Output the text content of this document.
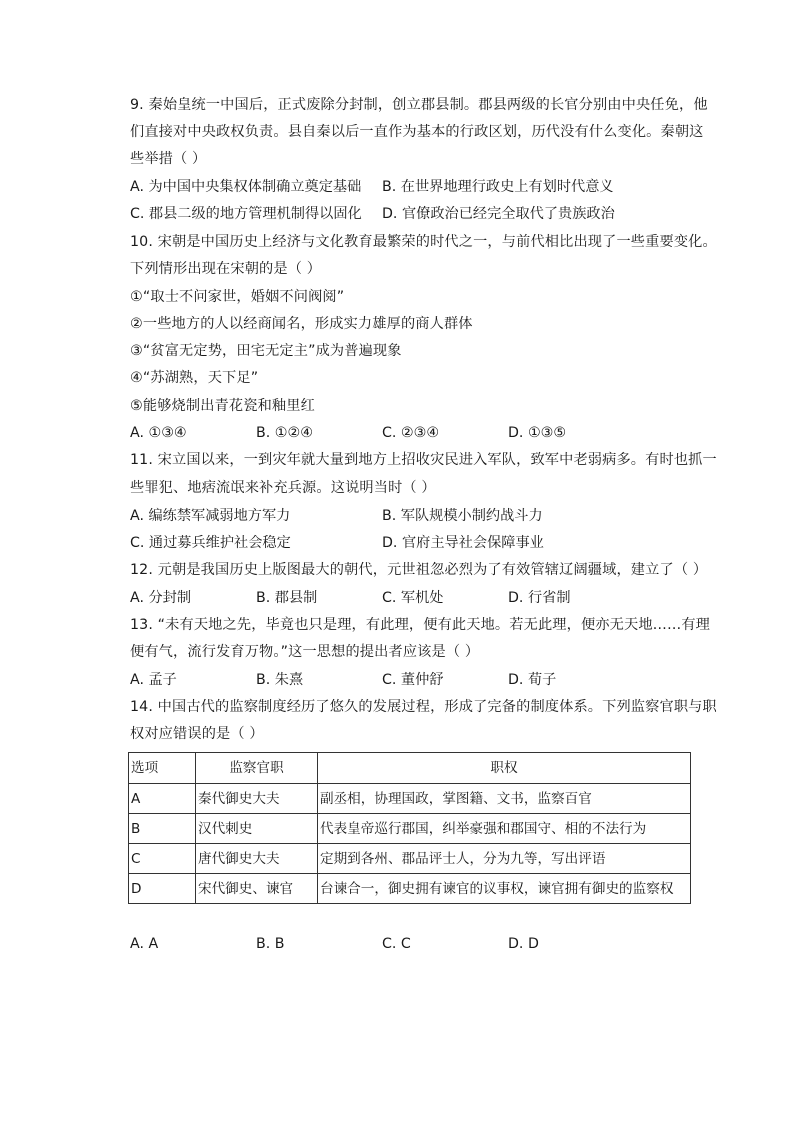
9. 秦始皇统一中国后，正式废除分封制，创立郡县制。郡县两级的长官分别由中央任免，他
们直接对中央政权负责。县自秦以后一直作为基本的行政区划，历代没有什么变化。秦朝这
些举措（ ）
A. 为中国中央集权体制确立奠定基础 B. 在世界地理行政史上有划时代意义
C. 郡县二级的地方管理机制得以固化 D. 官僚政治已经完全取代了贵族政治
10. 宋朝是中国历史上经济与文化教育最繁荣的时代之一，与前代相比出现了一些重要变化。
下列情形出现在宋朝的是（ ）
①“取士不问家世，婚姻不问阀阅”
②一些地方的人以经商闻名，形成实力雄厚的商人群体
③“贫富无定势，田宅无定主”成为普遍现象
④“苏湖熟，天下足”
⑤能够烧制出青花瓷和釉里红
A. ①③④	B. ①②④	C. ②③④	D. ①③⑤
11. 宋立国以来，一到灾年就大量到地方上招收灾民进入军队，致军中老弱病多。有时也抓一
些罪犯、地痞流氓来补充兵源。这说明当时（ ）
A. 编练禁军减弱地方军力	B. 军队规模小制约战斗力
C. 通过募兵维护社会稳定	D. 官府主导社会保障事业
12. 元朝是我国历史上版图最大的朝代，元世祖忽必烈为了有效管辖辽阔疆域，建立了（ ）
A. 分封制	B. 郡县制	C. 军机处	D. 行省制
13. “未有天地之先，毕竟也只是理，有此理，便有此天地。若无此理，便亦无天地……有理
便有气，流行发育万物。”这一思想的提出者应该是（ ）
A. 孟子	B. 朱熹	C. 董仲舒	D. 荀子
14. 中国古代的监察制度经历了悠久的发展过程，形成了完备的制度体系。下列监察官职与职
权对应错误的是（ ）
选项	监察官职	职权
A	秦代御史大夫	副丞相，协理国政，掌图籍、文书，监察百官
B	汉代刺史	代表皇帝巡行郡国，纠举豪强和郡国守、相的不法行为
C	唐代御史大夫	定期到各州、郡品评士人，分为九等，写出评语
D	宋代御史、谏官	台谏合一，御史拥有谏官的议事权，谏官拥有御史的监察权
A. A	B. B	C. C	D. D
